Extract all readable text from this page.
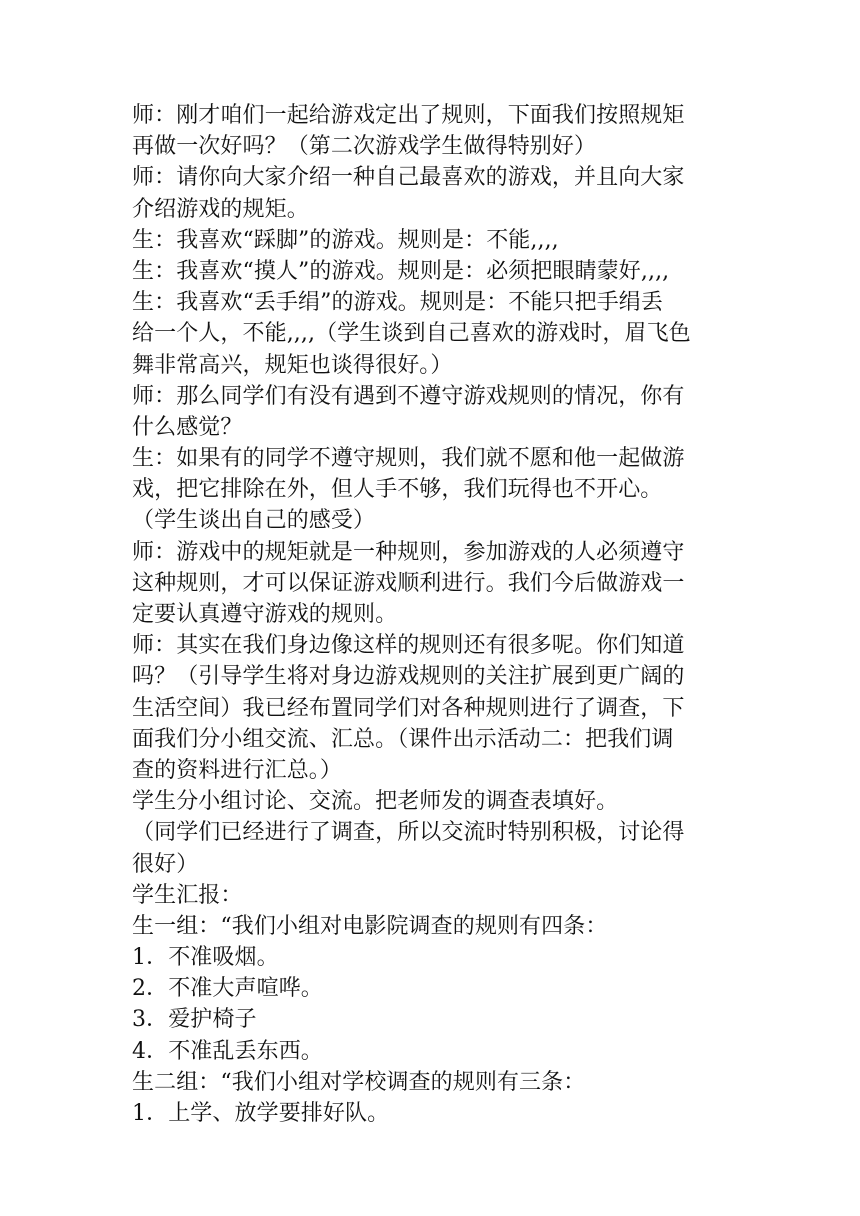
师：刚才咱们一起给游戏定出了规则，下面我们按照规矩
再做一次好吗？（第二次游戏学生做得特别好）
师：请你向大家介绍一种自己最喜欢的游戏，并且向大家
介绍游戏的规矩。
生：我喜欢“踩脚”的游戏。规则是：不能,,,,
生：我喜欢“摸人”的游戏。规则是：必须把眼睛蒙好,,,,
生：我喜欢“丢手绢”的游戏。规则是：不能只把手绢丢
给一个人，不能,,,,（学生谈到自己喜欢的游戏时，眉飞色
舞非常高兴，规矩也谈得很好。）
师：那么同学们有没有遇到不遵守游戏规则的情况，你有
什么感觉？
生：如果有的同学不遵守规则，我们就不愿和他一起做游
戏，把它排除在外，但人手不够，我们玩得也不开心。
（学生谈出自己的感受）
师：游戏中的规矩就是一种规则，参加游戏的人必须遵守
这种规则，才可以保证游戏顺利进行。我们今后做游戏一
定要认真遵守游戏的规则。
师：其实在我们身边像这样的规则还有很多呢。你们知道
吗？（引导学生将对身边游戏规则的关注扩展到更广阔的
生活空间）我已经布置同学们对各种规则进行了调查，下
面我们分小组交流、汇总。（课件出示活动二：把我们调
查的资料进行汇总。）
学生分小组讨论、交流。把老师发的调查表填好。
（同学们已经进行了调查，所以交流时特别积极，讨论得
很好）
学生汇报：
生一组：“我们小组对电影院调查的规则有四条：
1．不准吸烟。
2．不准大声喧哗。
3．爱护椅子
4．不准乱丢东西。
生二组：“我们小组对学校调查的规则有三条：
1．上学、放学要排好队。
